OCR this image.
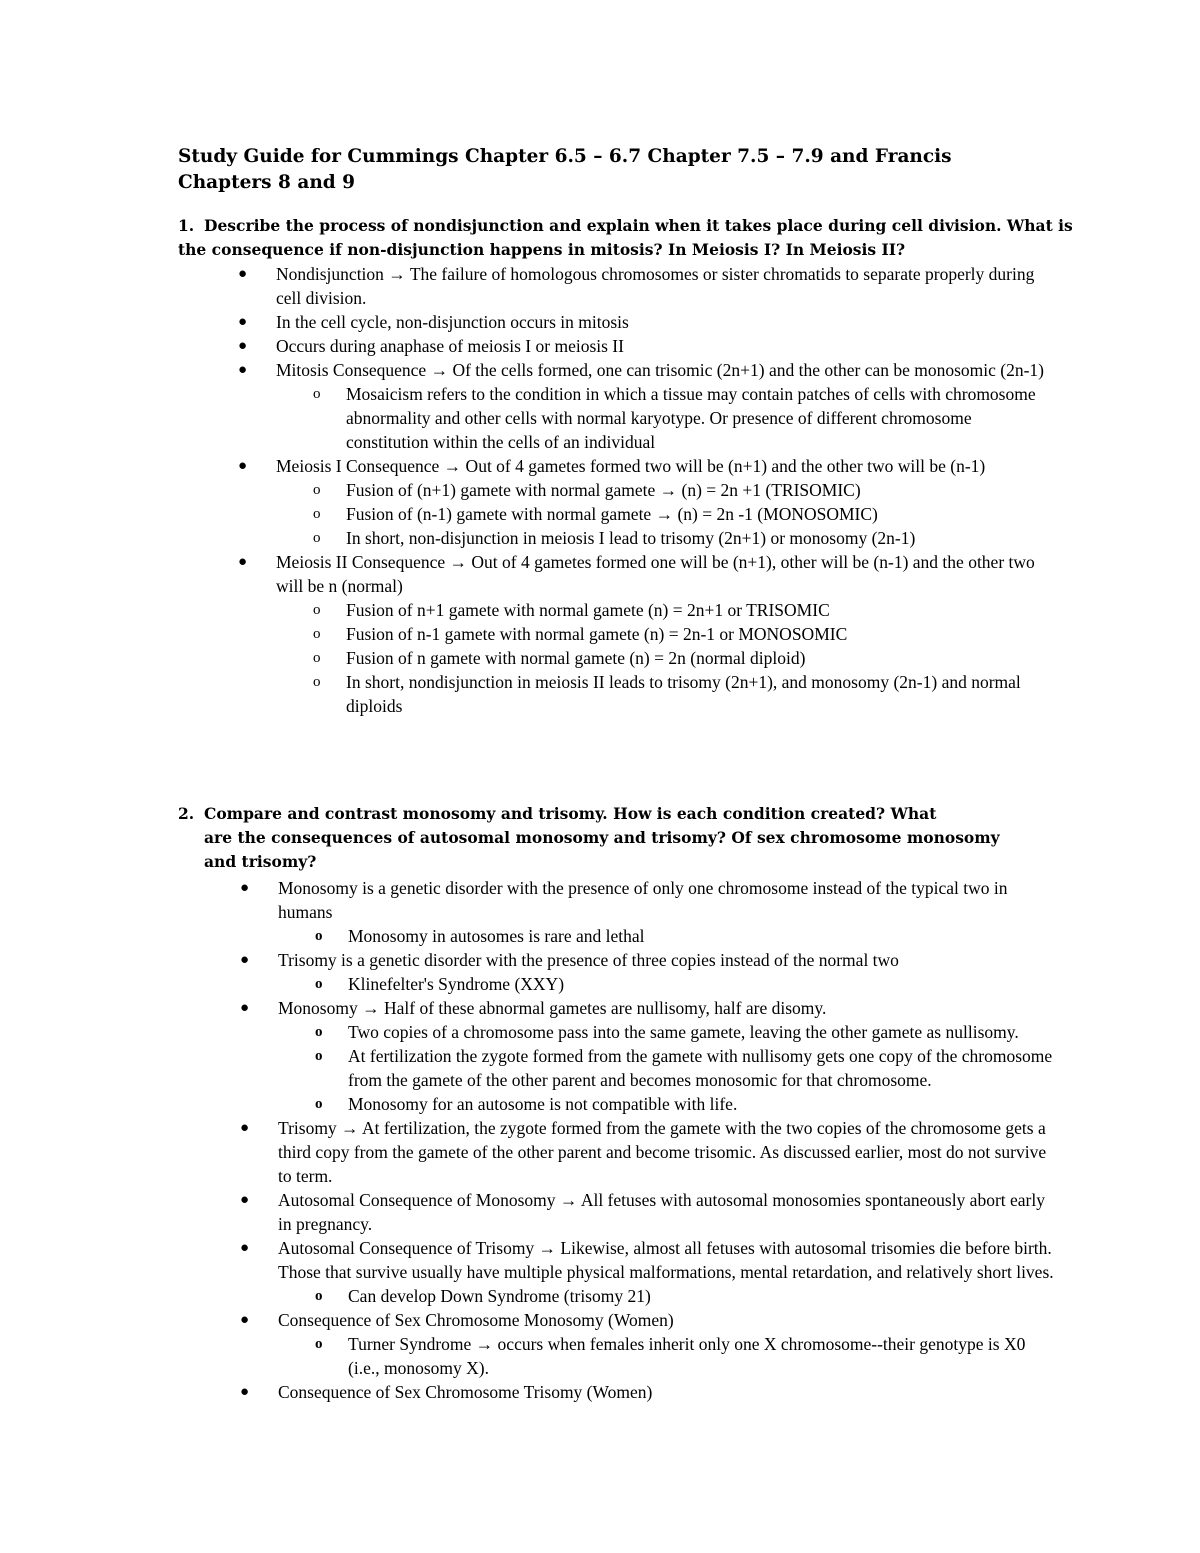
Study Guide for Cummings Chapter 6.5 – 6.7 Chapter 7.5 – 7.9 and Francis Chapters 8 and 9

1. Describe the process of nondisjunction and explain when it takes place during cell division. What is the consequence if non-disjunction happens in mitosis? In Meiosis I? In Meiosis II?

● Nondisjunction → The failure of homologous chromosomes or sister chromatids to separate properly during cell division.
● In the cell cycle, non-disjunction occurs in mitosis
● Occurs during anaphase of meiosis I or meiosis II
● Mitosis Consequence → Of the cells formed, one can trisomic (2n+1) and the other can be monosomic (2n-1)
o Mosaicism refers to the condition in which a tissue may contain patches of cells with chromosome abnormality and other cells with normal karyotype. Or presence of different chromosome constitution within the cells of an individual
● Meiosis I Consequence → Out of 4 gametes formed two will be (n+1) and the other two will be (n-1)
o Fusion of (n+1) gamete with normal gamete → (n) = 2n +1 (TRISOMIC)
o Fusion of (n-1) gamete with normal gamete → (n) = 2n -1 (MONOSOMIC)
o In short, non-disjunction in meiosis I lead to trisomy (2n+1) or monosomy (2n-1)
● Meiosis II Consequence → Out of 4 gametes formed one will be (n+1), other will be (n-1) and the other two will be n (normal)
o Fusion of n+1 gamete with normal gamete (n) = 2n+1 or TRISOMIC
o Fusion of n-1 gamete with normal gamete (n) = 2n-1 or MONOSOMIC
o Fusion of n gamete with normal gamete (n) = 2n (normal diploid)
o In short, nondisjunction in meiosis II leads to trisomy (2n+1), and monosomy (2n-1) and normal diploids

2. Compare and contrast monosomy and trisomy. How is each condition created? What
are the consequences of autosomal monosomy and trisomy? Of sex chromosome monosomy and trisomy?

● Monosomy is a genetic disorder with the presence of only one chromosome instead of the typical two in humans
o Monosomy in autosomes is rare and lethal
● Trisomy is a genetic disorder with the presence of three copies instead of the normal two
o Klinefelter's Syndrome (XXY)
● Monosomy → Half of these abnormal gametes are nullisomy, half are disomy.
o Two copies of a chromosome pass into the same gamete, leaving the other gamete as nullisomy.
o At fertilization the zygote formed from the gamete with nullisomy gets one copy of the chromosome from the gamete of the other parent and becomes monosomic for that chromosome.
o Monosomy for an autosome is not compatible with life.
● Trisomy → At fertilization, the zygote formed from the gamete with the two copies of the chromosome gets a third copy from the gamete of the other parent and become trisomic. As discussed earlier, most do not survive to term.
● Autosomal Consequence of Monosomy → All fetuses with autosomal monosomies spontaneously abort early in pregnancy.
● Autosomal Consequence of Trisomy → Likewise, almost all fetuses with autosomal trisomies die before birth. Those that survive usually have multiple physical malformations, mental retardation, and relatively short lives.
o Can develop Down Syndrome (trisomy 21)
● Consequence of Sex Chromosome Monosomy (Women)
o Turner Syndrome → occurs when females inherit only one X chromosome--their genotype is X0 (i.e., monosomy X).
● Consequence of Sex Chromosome Trisomy (Women)
